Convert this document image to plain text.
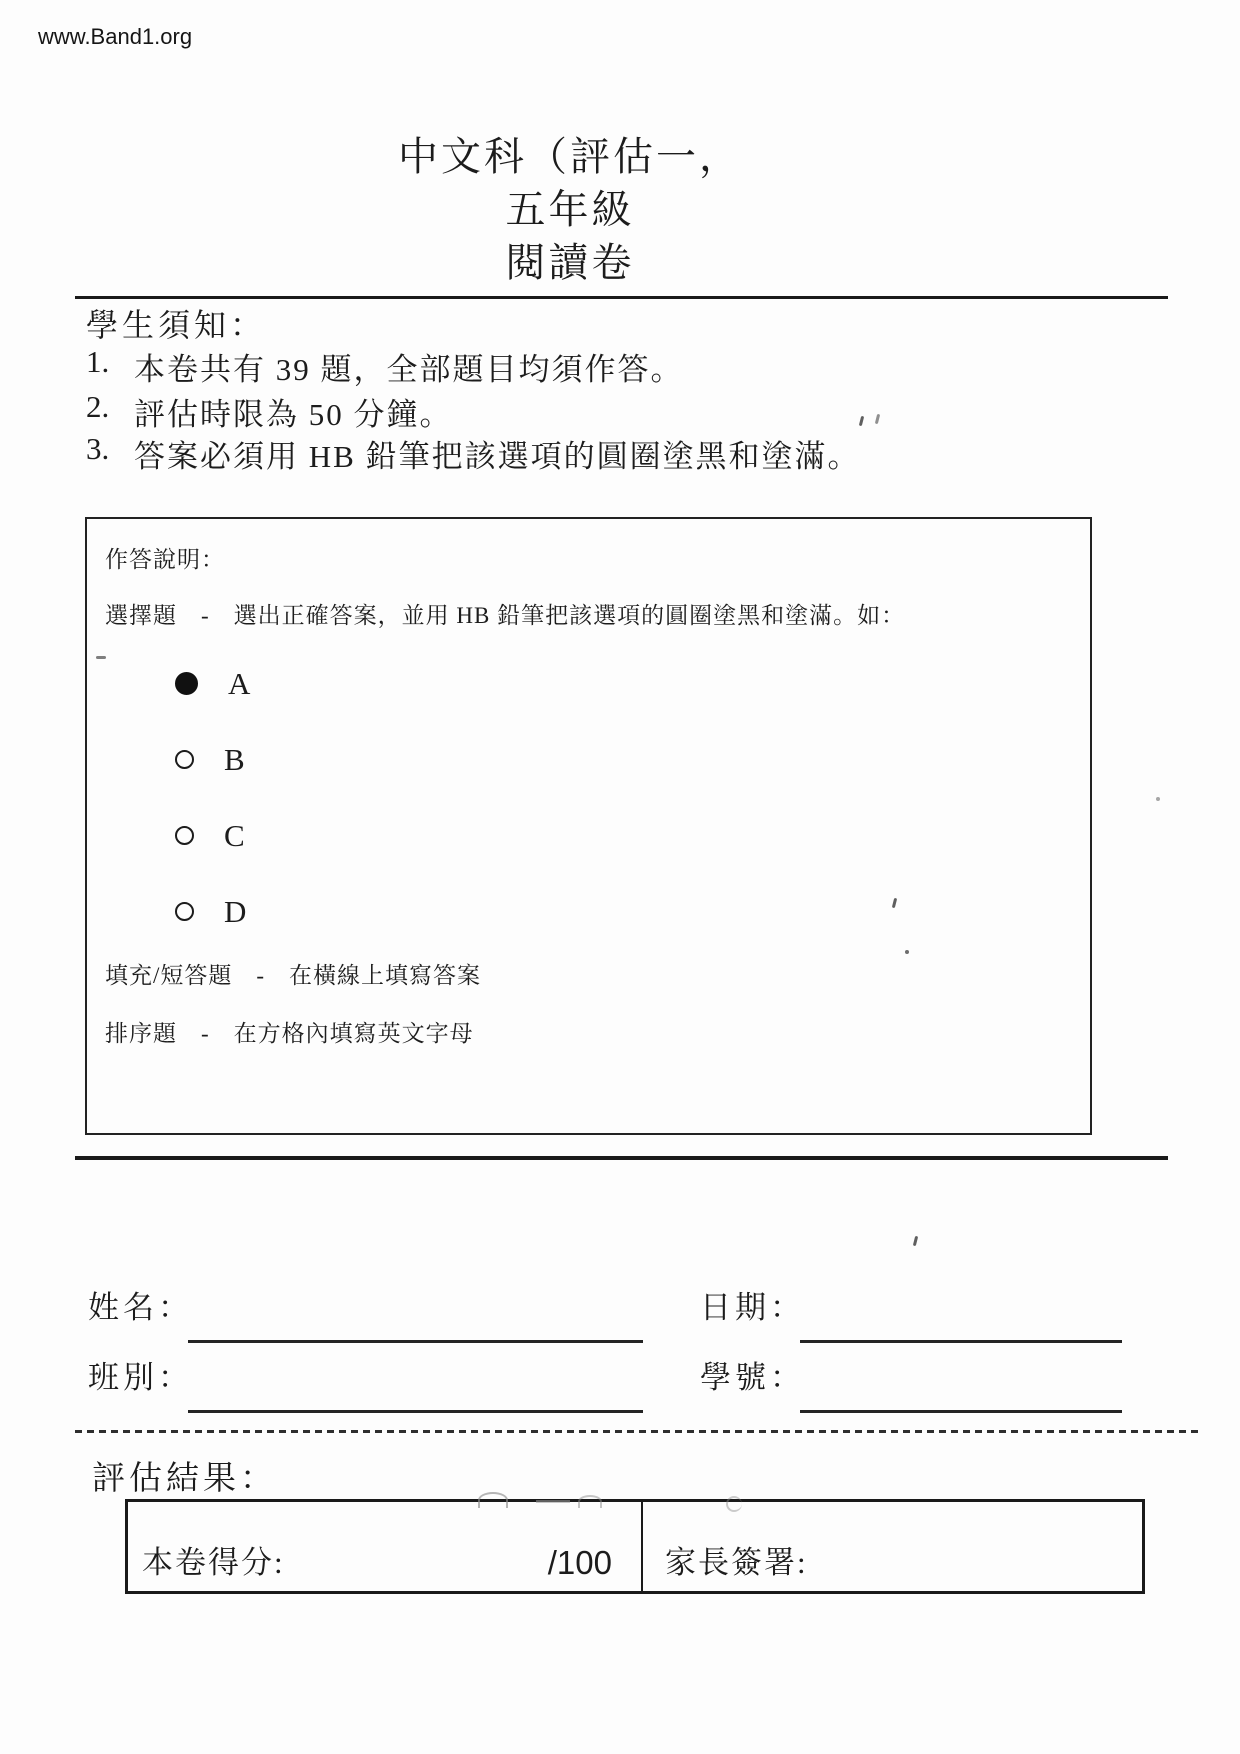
www.Band1.org
中文科（評估一，
五年級
閱讀卷
學生須知：
1. 本卷共有 39 題，全部題目均須作答。
2. 評估時限為 50 分鐘。
3. 答案必須用 HB 鉛筆把該選項的圓圈塗黑和塗滿。
作答說明：
選擇題　-　選出正確答案，並用 HB 鉛筆把該選項的圓圈塗黑和塗滿。如：
A
B
C
D
填充/短答題　-　在橫線上填寫答案
排序題　-　在方格內填寫英文字母
姓名：	日期：
班別：	學號：
評估結果：
本卷得分:	/100 家長簽署:
